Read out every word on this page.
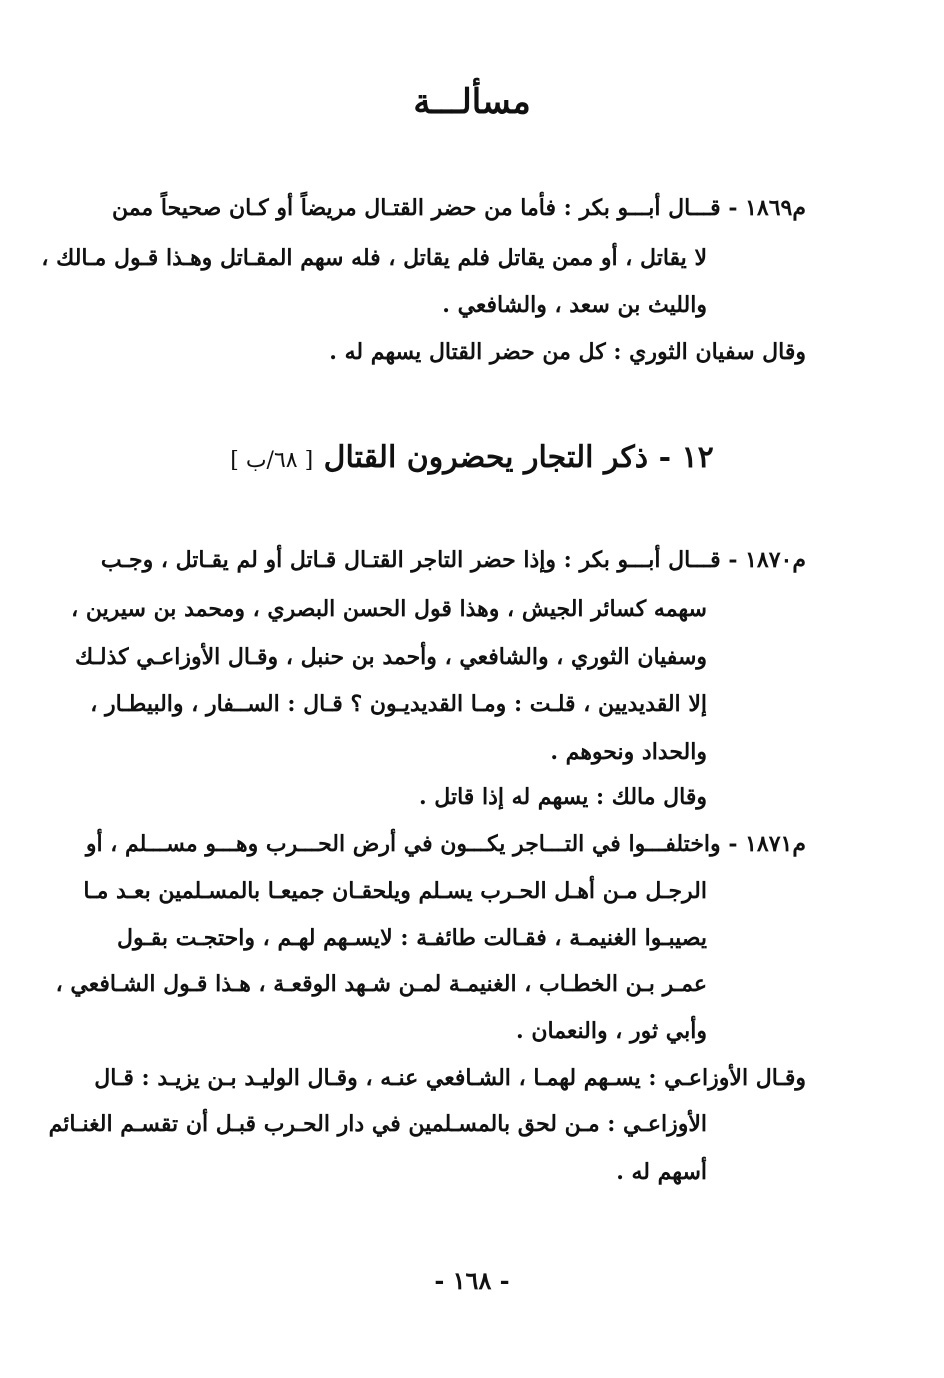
مسألـــة
م١٨٦٩ - قـــال أبـــو بكر : فأما من حضر القتـال مريضاً أو كـان صحيحاً ممن
لا يقاتل ، أو ممن يقاتل فلم يقاتل ، فله سهم المقـاتل وهـذا قـول مـالك ،
والليث بن سعد ، والشافعي .
وقال سفيان الثوري : كل من حضر القتال يسهم له .
١٢ - ذكر التجار يحضرون القتال [ ٦٨/ب ]
م١٨٧٠ - قـــال أبـــو بكر : وإذا حضر التاجر القتـال قـاتل أو لم يقـاتل ، وجـب
سهمه كسائر الجيش ، وهذا قول الحسن البصري ، ومحمد بن سيرين ،
وسفيان الثوري ، والشافعي ، وأحمد بن حنبل ، وقـال الأوزاعـي كذلـك
إلا القديديين ، قلـت : ومـا القديديـون ؟ قـال : الســفار ، والبيطـار ،
والحداد ونحوهم .
وقال مالك : يسهم له إذا قاتل .
م١٨٧١ - واختلفـــوا في التـــاجر يكـــون في أرض الحـــرب وهـــو مســـلم ، أو
الرجـل مـن أهـل الحـرب يسـلم ويلحقـان جميعـا بالمسـلمين بعـد مـا
يصيبـوا الغنيمـة ، فقـالت طائفـة : لايسـهم لهـم ، واحتجـت بقـول
عمـر بـن الخطـاب ، الغنيمـة لمـن شـهد الوقعـة ، هـذا قـول الشـافعي ،
وأبي ثور ، والنعمان .
وقـال الأوزاعـي : يسـهم لهمـا ، الشـافعي عنـه ، وقـال الوليـد بـن يزيـد : قـال
الأوزاعـي : مـن لحق بالمسـلمين في دار الحـرب قبـل أن تقسـم الغنـائم
أسهم له .
- ١٦٨ -
